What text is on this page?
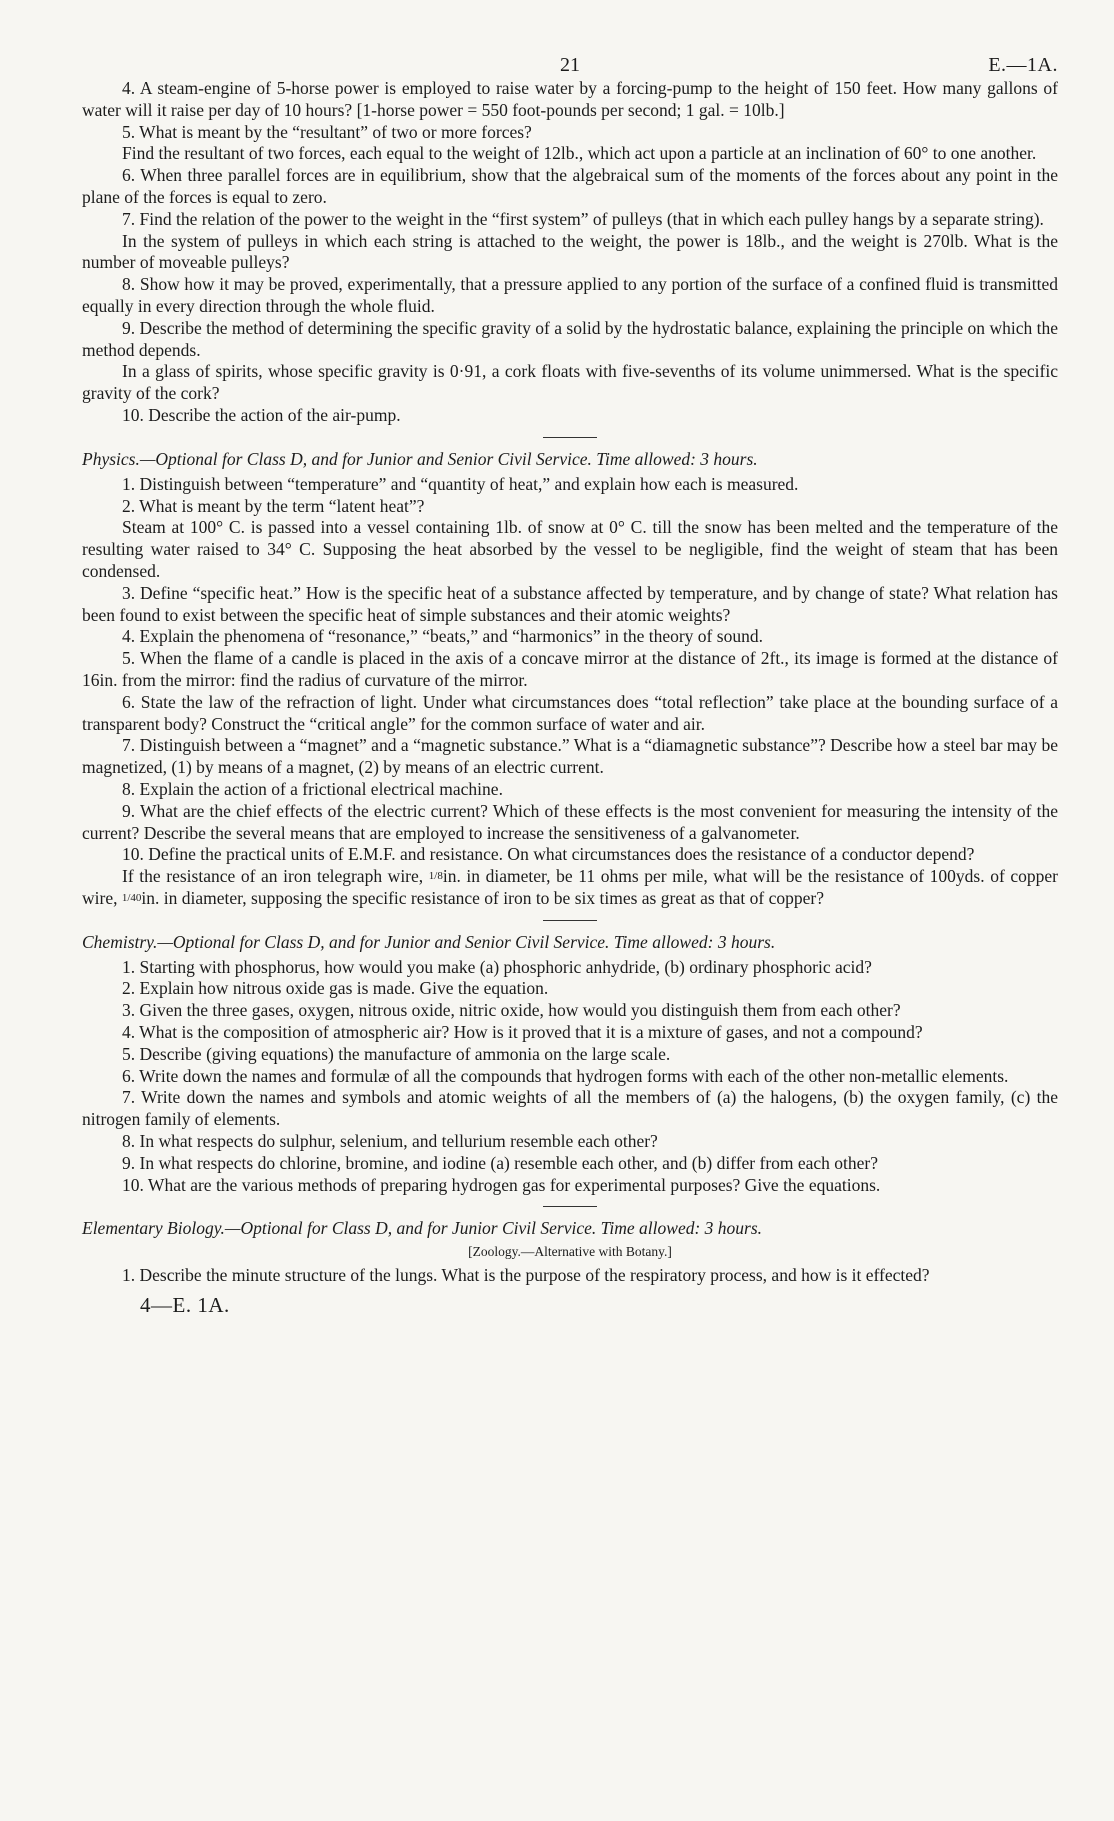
21	E.—1A.

4. A steam-engine of 5-horse power is employed to raise water by a forcing-pump to the height of 150 feet. How many gallons of water will it raise per day of 10 hours? [1-horse power = 550 foot-pounds per second; 1 gal. = 10lb.]

5. What is meant by the “resultant” of two or more forces?

Find the resultant of two forces, each equal to the weight of 12lb., which act upon a particle at an inclination of 60° to one another.

6. When three parallel forces are in equilibrium, show that the algebraical sum of the moments of the forces about any point in the plane of the forces is equal to zero.

7. Find the relation of the power to the weight in the “first system” of pulleys (that in which each pulley hangs by a separate string).

In the system of pulleys in which each string is attached to the weight, the power is 18lb., and the weight is 270lb. What is the number of moveable pulleys?

8. Show how it may be proved, experimentally, that a pressure applied to any portion of the surface of a confined fluid is transmitted equally in every direction through the whole fluid.

9. Describe the method of determining the specific gravity of a solid by the hydrostatic balance, explaining the principle on which the method depends.

In a glass of spirits, whose specific gravity is 0·91, a cork floats with five-sevenths of its volume unimmersed. What is the specific gravity of the cork?

10. Describe the action of the air-pump.

Physics.—Optional for Class D, and for Junior and Senior Civil Service. Time allowed: 3 hours.

1. Distinguish between “temperature” and “quantity of heat,” and explain how each is measured.

2. What is meant by the term “latent heat”?

Steam at 100° C. is passed into a vessel containing 1lb. of snow at 0° C. till the snow has been melted and the temperature of the resulting water raised to 34° C. Supposing the heat absorbed by the vessel to be negligible, find the weight of steam that has been condensed.

3. Define “specific heat.” How is the specific heat of a substance affected by temperature, and by change of state? What relation has been found to exist between the specific heat of simple substances and their atomic weights?

4. Explain the phenomena of “resonance,” “beats,” and “harmonics” in the theory of sound.

5. When the flame of a candle is placed in the axis of a concave mirror at the distance of 2ft., its image is formed at the distance of 16in. from the mirror: find the radius of curvature of the mirror.

6. State the law of the refraction of light. Under what circumstances does “total reflection” take place at the bounding surface of a transparent body? Construct the “critical angle” for the common surface of water and air.

7. Distinguish between a “magnet” and a “magnetic substance.” What is a “diamagnetic substance”? Describe how a steel bar may be magnetized, (1) by means of a magnet, (2) by means of an electric current.

8. Explain the action of a frictional electrical machine.

9. What are the chief effects of the electric current? Which of these effects is the most convenient for measuring the intensity of the current? Describe the several means that are employed to increase the sensitiveness of a galvanometer.

10. Define the practical units of E.M.F. and resistance. On what circumstances does the resistance of a conductor depend?

If the resistance of an iron telegraph wire, 1/8in. in diameter, be 11 ohms per mile, what will be the resistance of 100yds. of copper wire, 1/40in. in diameter, supposing the specific resistance of iron to be six times as great as that of copper?

Chemistry.—Optional for Class D, and for Junior and Senior Civil Service. Time allowed: 3 hours.

1. Starting with phosphorus, how would you make (a) phosphoric anhydride, (b) ordinary phosphoric acid?

2. Explain how nitrous oxide gas is made. Give the equation.

3. Given the three gases, oxygen, nitrous oxide, nitric oxide, how would you distinguish them from each other?

4. What is the composition of atmospheric air? How is it proved that it is a mixture of gases, and not a compound?

5. Describe (giving equations) the manufacture of ammonia on the large scale.

6. Write down the names and formulæ of all the compounds that hydrogen forms with each of the other non-metallic elements.

7. Write down the names and symbols and atomic weights of all the members of (a) the halogens, (b) the oxygen family, (c) the nitrogen family of elements.

8. In what respects do sulphur, selenium, and tellurium resemble each other?

9. In what respects do chlorine, bromine, and iodine (a) resemble each other, and (b) differ from each other?

10. What are the various methods of preparing hydrogen gas for experimental purposes? Give the equations.

Elementary Biology.—Optional for Class D, and for Junior Civil Service. Time allowed: 3 hours.

[Zoology.—Alternative with Botany.]

1. Describe the minute structure of the lungs. What is the purpose of the respiratory process, and how is it effected?

4—E. 1A.
